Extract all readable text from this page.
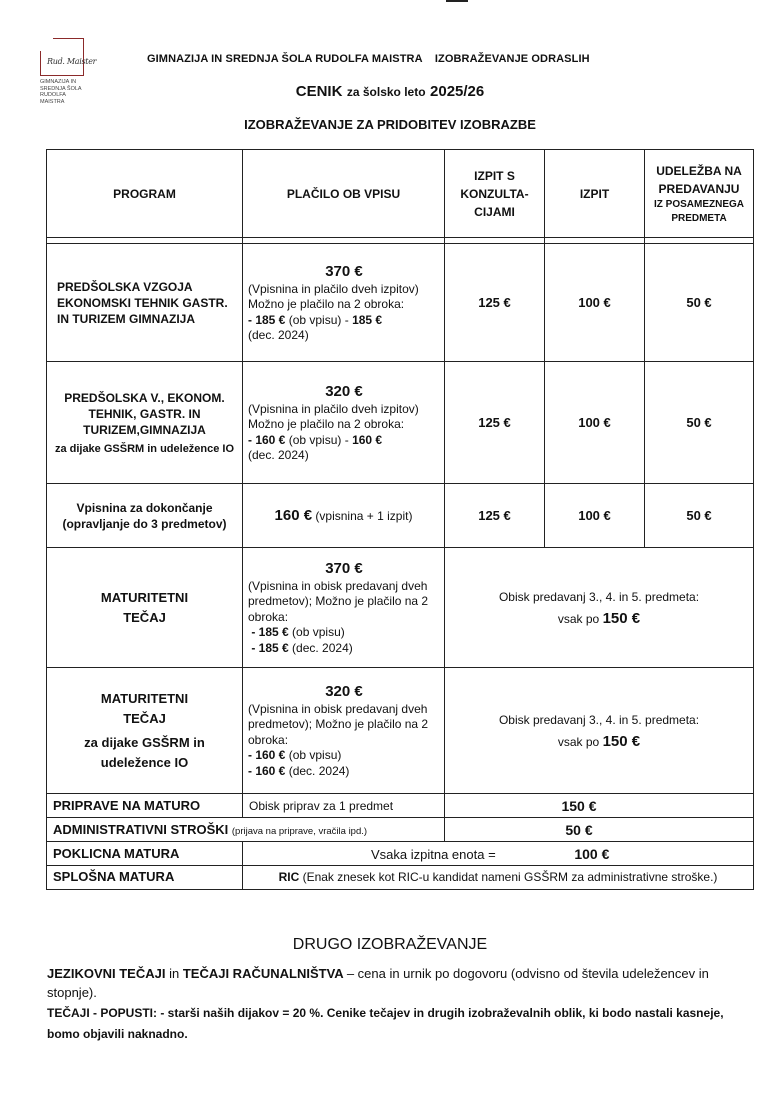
Rud. Maister
GIMNAZIJA IN
SREDNJA ŠOLA
RUDOLFA MAISTRA
GIMNAZIJA IN SREDNJA ŠOLA RUDOLFA MAISTRA    IZOBRAŽEVANJE ODRASLIH
CENIK za šolsko leto 2025/26
IZOBRAŽEVANJE ZA PRIDOBITEV IZOBRAZBE
PROGRAM	PLAČILO OB VPISU	IZPIT S KONZULTA-CIJAMI	IZPIT	UDELEŽBA NA PREDAVANJU
IZ POSAMEZNEGA PREDMETA

PREDŠOLSKA VZGOJA EKONOMSKI TEHNIK GASTR. IN TURIZEM GIMNAZIJA	370 €
(Vpisnina in plačilo dveh izpitov)
Možno je plačilo na 2 obroka:
- 185 € (ob vpisu) - 185 €
(dec. 2024)	125 €	100 €	50 €
PREDŠOLSKA V., EKONOM. TEHNIK, GASTR. IN TURIZEM,GIMNAZIJA
za dijake GSŠRM in udeležence IO	320 €
(Vpisnina in plačilo dveh izpitov)
Možno je plačilo na 2 obroka:
- 160 € (ob vpisu) - 160 €
(dec. 2024)	125 €	100 €	50 €
Vpisnina za dokončanje (opravljanje do 3 predmetov)	160 € (vpisnina + 1 izpit)	125 €	100 €	50 €
MATURITETNI TEČAJ	370 €
(Vpisnina in obisk predavanj dveh predmetov); Možno je plačilo na 2 obroka:
- 185 € (ob vpisu)
- 185 € (dec. 2024)	Obisk predavanj 3., 4. in 5. predmeta:
vsak po 150 €		

MATURITETNI TEČAJ
za dijake GSŠRM in udeležence IO	320 €
(Vpisnina in obisk predavanj dveh predmetov); Možno je plačilo na 2 obroka:
- 160 € (ob vpisu)
- 160 € (dec. 2024)	Obisk predavanj 3., 4. in 5. predmeta:
vsak po 150 €		
PRIPRAVE NA MATURO	Obisk priprav za 1 predmet	150 €		
ADMINISTRATIVNI STROŠKI (prijava na priprave, vračila ipd.)		50 €		
POKLICNA MATURA	Vsaka izpitna enota = 100 €			
SPLOŠNA MATURA	RIC (Enak znesek kot RIC-u kandidat nameni GSŠRM za administrativne stroške.)			
DRUGO IZOBRAŽEVANJE
JEZIKOVNI TEČAJI in TEČAJI RAČUNALNIŠTVA – cena in urnik po dogovoru (odvisno od števila udeležencev in stopnje).
TEČAJI - POPUSTI: - starši naših dijakov = 20 %. Cenike tečajev in drugih izobraževalnih oblik, ki bodo nastali kasneje, bomo objavili naknadno.
